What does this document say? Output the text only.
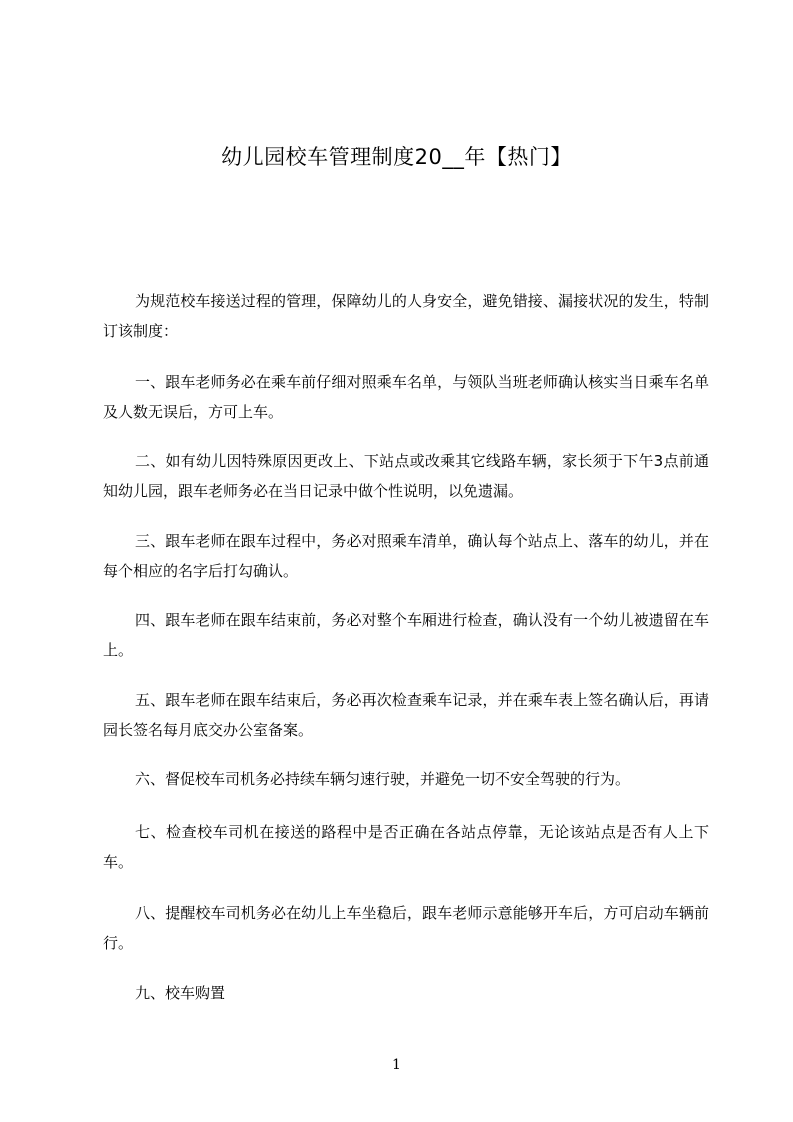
幼儿园校车管理制度20__年【热门】
为规范校车接送过程的管理，保障幼儿的人身安全，避免错接、漏接状况的发生，特制订该制度：
一、跟车老师务必在乘车前仔细对照乘车名单，与领队当班老师确认核实当日乘车名单及人数无误后，方可上车。
二、如有幼儿因特殊原因更改上、下站点或改乘其它线路车辆，家长须于下午3点前通知幼儿园，跟车老师务必在当日记录中做个性说明，以免遗漏。
三、跟车老师在跟车过程中，务必对照乘车清单，确认每个站点上、落车的幼儿，并在每个相应的名字后打勾确认。
四、跟车老师在跟车结束前，务必对整个车厢进行检查，确认没有一个幼儿被遗留在车上。
五、跟车老师在跟车结束后，务必再次检查乘车记录，并在乘车表上签名确认后，再请园长签名每月底交办公室备案。
六、督促校车司机务必持续车辆匀速行驶，并避免一切不安全驾驶的行为。
七、检查校车司机在接送的路程中是否正确在各站点停靠，无论该站点是否有人上下车。
八、提醒校车司机务必在幼儿上车坐稳后，跟车老师示意能够开车后，方可启动车辆前行。
九、校车购置
1
